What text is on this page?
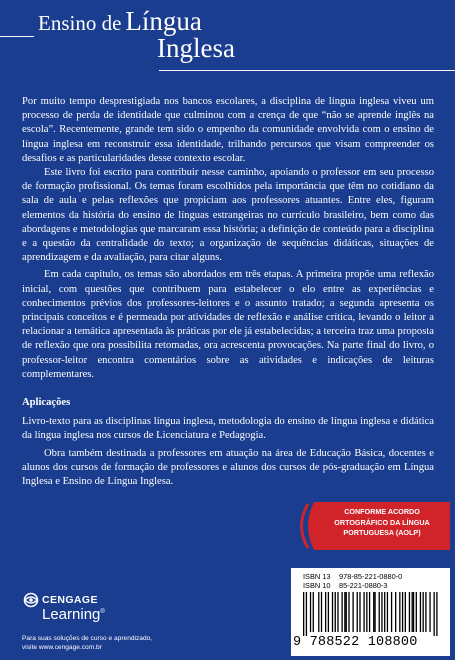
Ensino de Língua
Inglesa

Por muito tempo desprestigiada nos bancos escolares, a disciplina de língua inglesa viveu um processo de perda de identidade que culminou com a crença de que “não se aprende inglês na escola”. Recentemente, grande tem sido o empenho da comunidade envolvida com o ensino de língua inglesa em reconstruir essa identidade, trilhando percursos que visam compreender os desafios e as particularidades desse contexto escolar.

Este livro foi escrito para contribuir nesse caminho, apoiando o professor em seu processo de formação profissional. Os temas foram escolhidos pela importância que têm no cotidiano da sala de aula e pelas reflexões que propiciam aos professores atuantes. Entre eles, figuram elementos da história do ensino de línguas estrangeiras no currículo brasileiro, bem como das abordagens e metodologias que marcaram essa história; a definição de conteúdo para a disciplina e a questão da centralidade do texto; a organização de sequências didáticas, situações de aprendizagem e da avaliação, para citar alguns.

Em cada capítulo, os temas são abordados em três etapas. A primeira propõe uma reflexão inicial, com questões que contribuem para estabelecer o elo entre as experiências e conhecimentos prévios dos professores-leitores e o assunto tratado; a segunda apresenta os principais conceitos e é permeada por atividades de reflexão e análise crítica, levando o leitor a relacionar a temática apresentada às práticas por ele já estabelecidas; a terceira traz uma proposta de reflexão que ora possibilita retomadas, ora acrescenta provocações. Na parte final do livro, o professor-leitor encontra comentários sobre as atividades e indicações de leituras complementares.

Aplicações

Livro-texto para as disciplinas língua inglesa, metodologia do ensino de língua inglesa e didática da língua inglesa nos cursos de Licenciatura e Pedagogia.

Obra também destinada a professores em atuação na área de Educação Básica, docentes e alunos dos cursos de formação de professores e alunos dos cursos de pós-graduação em Língua Inglesa e Ensino de Língua Inglesa.

CONFORME ACORDO
ORTOGRÁFICO DA LÍNGUA
PORTUGUESA (AOLP)
CENGAGE
Learning®
Para suas soluções de curso e aprendizado,
visite www.cengage.com.br
ISBN 13 978-85-221-0880-0
ISBN 10 85-221-0880-3
9 788522 108800
